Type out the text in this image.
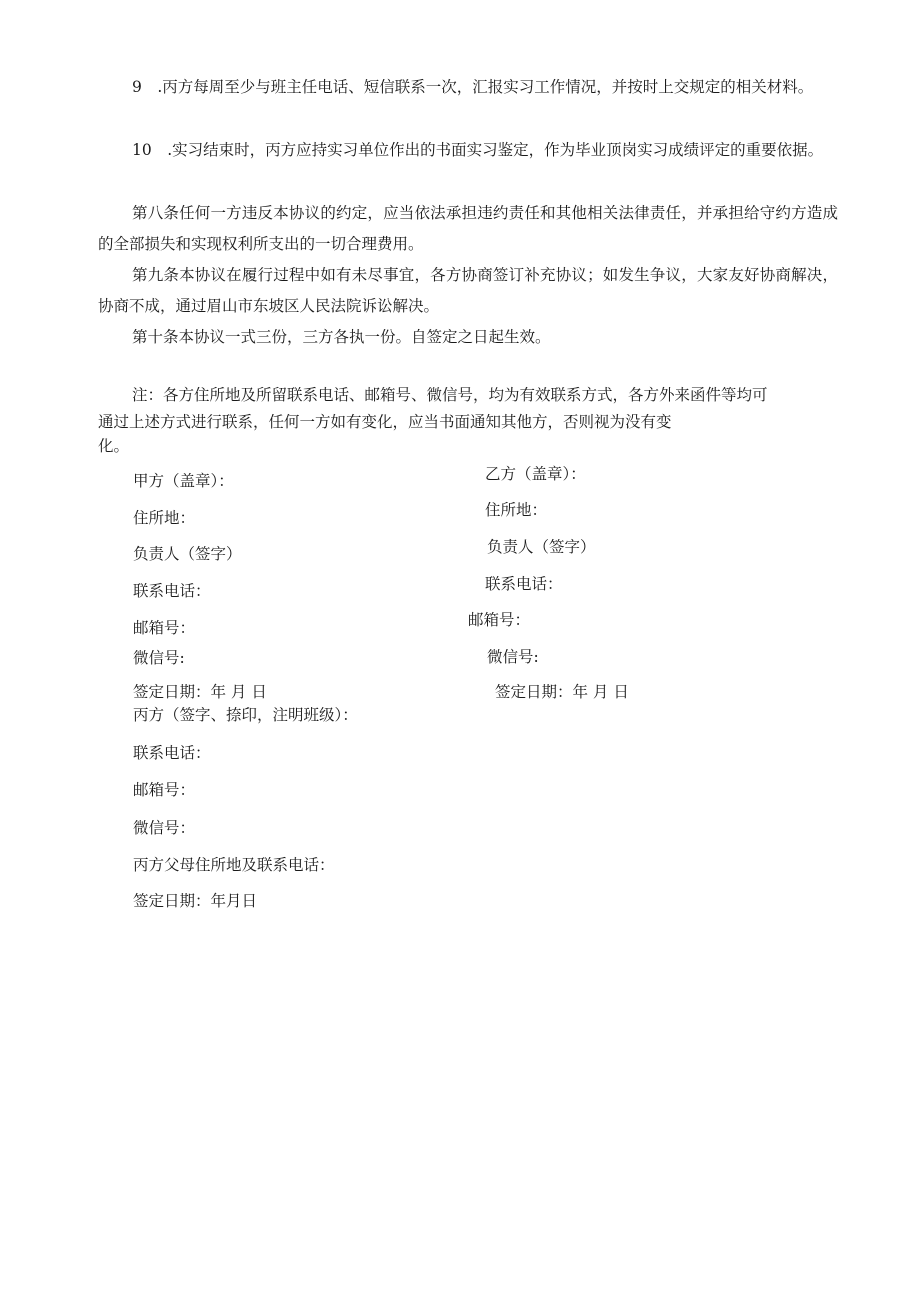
9　.丙方每周至少与班主任电话、短信联系一次，汇报实习工作情况，并按时上交规定的相关材料。

10　.实习结束时，丙方应持实习单位作出的书面实习鉴定，作为毕业顶岗实习成绩评定的重要依据。

第八条任何一方违反本协议的约定，应当依法承担违约责任和其他相关法律责任，并承担给守约方造成的全部损失和实现权利所支出的一切合理费用。

第九条本协议在履行过程中如有未尽事宜，各方协商签订补充协议；如发生争议，大家友好协商解决，协商不成，通过眉山市东坡区人民法院诉讼解决。

第十条本协议一式三份，三方各执一份。自签定之日起生效。

注：各方住所地及所留联系电话、邮箱号、微信号，均为有效联系方式，各方外来函件等均可

通过上述方式进行联系，任何一方如有变化，应当书面通知其他方，否则视为没有变

化。

甲方（盖章）：

住所地：

负责人（签字）

联系电话：

邮箱号：

微信号:

签定日期：年 月 日

乙方（盖章）：

住所地：

负责人（签字）

联系电话：

邮箱号：

微信号:

签定日期：年 月 日

丙方（签字、捺印，注明班级）：

联系电话：

邮箱号：

微信号：

丙方父母住所地及联系电话：

签定日期：年月日
